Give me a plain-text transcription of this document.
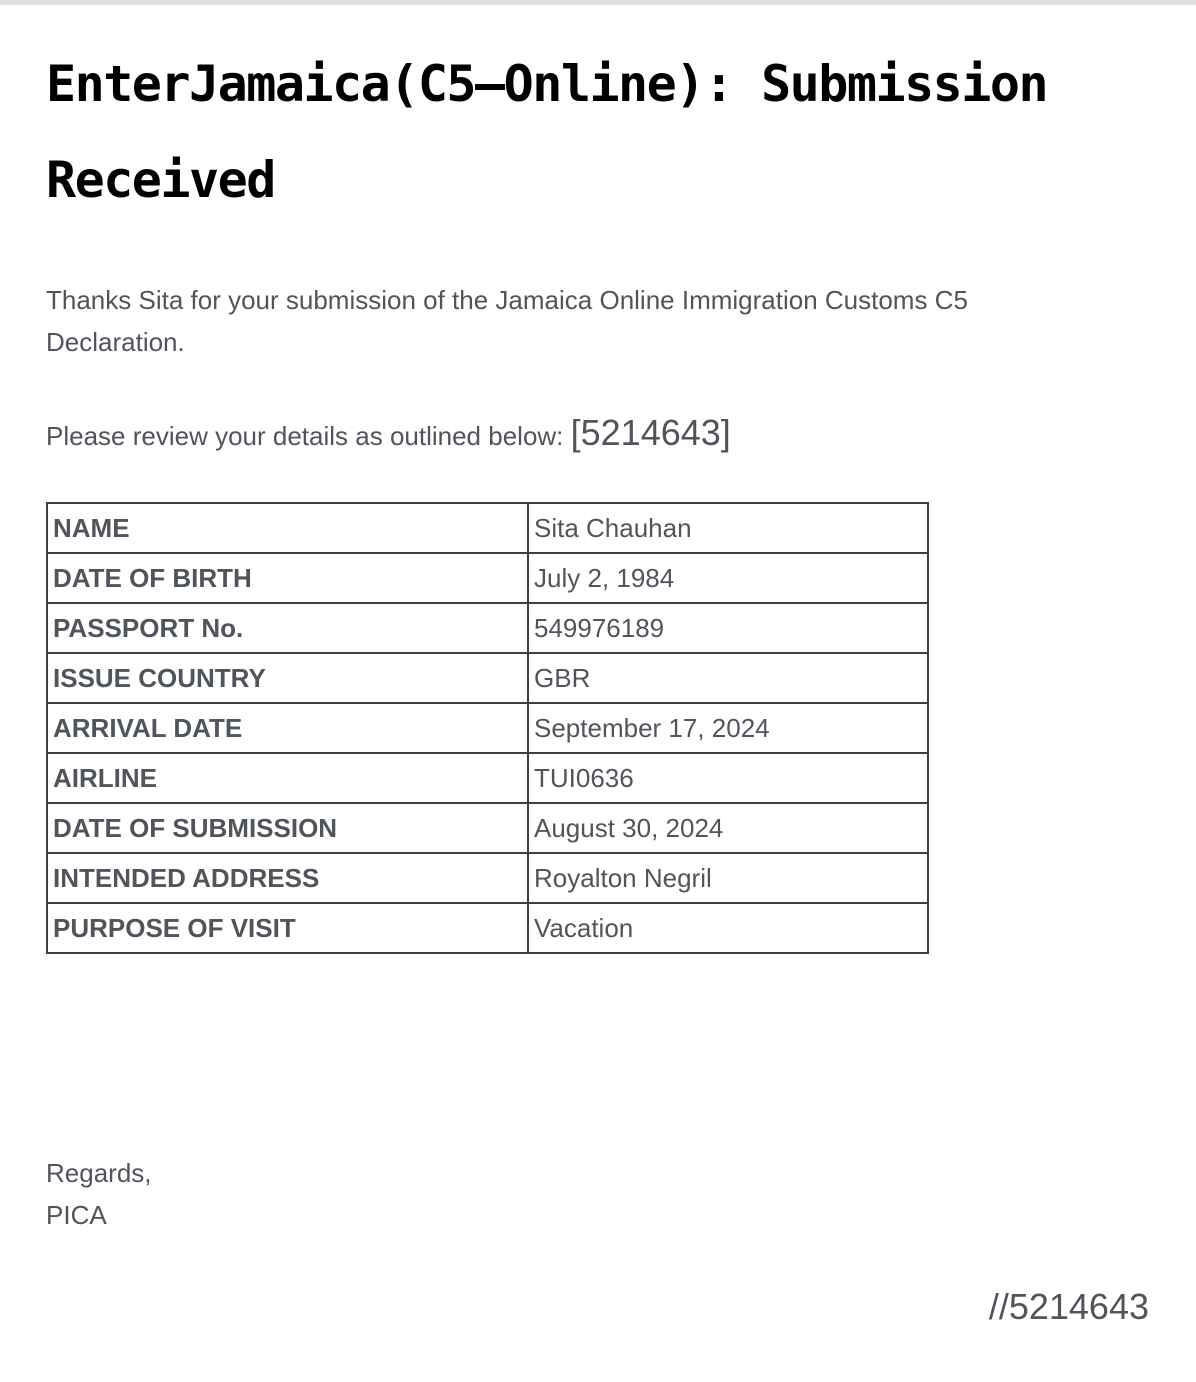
EnterJamaica(C5–Online): Submission Received

Thanks Sita for your submission of the Jamaica Online Immigration Customs C5 Declaration.

Please review your details as outlined below: [5214643]

NAME	Sita Chauhan
DATE OF BIRTH	July 2, 1984
PASSPORT No.	549976189
ISSUE COUNTRY	GBR
ARRIVAL DATE	September 17, 2024
AIRLINE	TUI0636
DATE OF SUBMISSION	August 30, 2024
INTENDED ADDRESS	Royalton Negril
PURPOSE OF VISIT	Vacation

Regards,
PICA

//5214643
